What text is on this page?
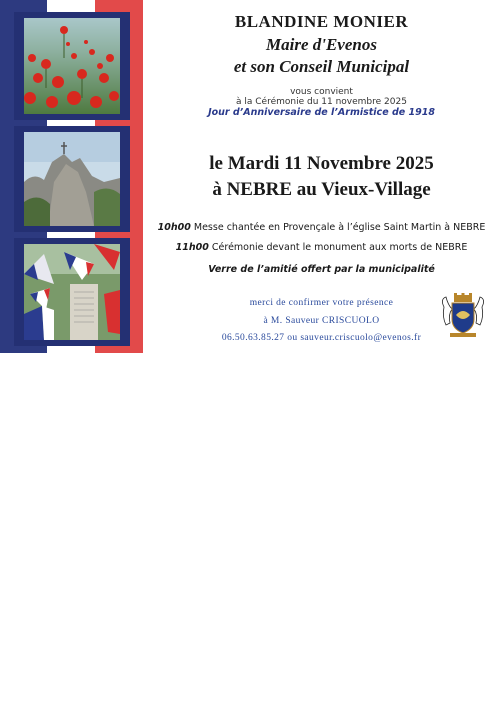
BLANDINE MONIER
Maire d'Evenos
et son Conseil Municipal
vous convient
à la Cérémonie du 11 novembre 2025
Jour d’Anniversaire de l’Armistice de 1918
le Mardi 11 Novembre 2025
à NEBRE au Vieux-Village
10h00 Messe chantée en Provençale à l’église Saint Martin à NEBRE
11h00 Cérémonie devant le monument aux morts de NEBRE
Verre de l’amitié offert par la municipalité
merci de confirmer votre présence
à M. Sauveur CRISCUOLO
06.50.63.85.27 ou sauveur.criscuolo@evenos.fr
